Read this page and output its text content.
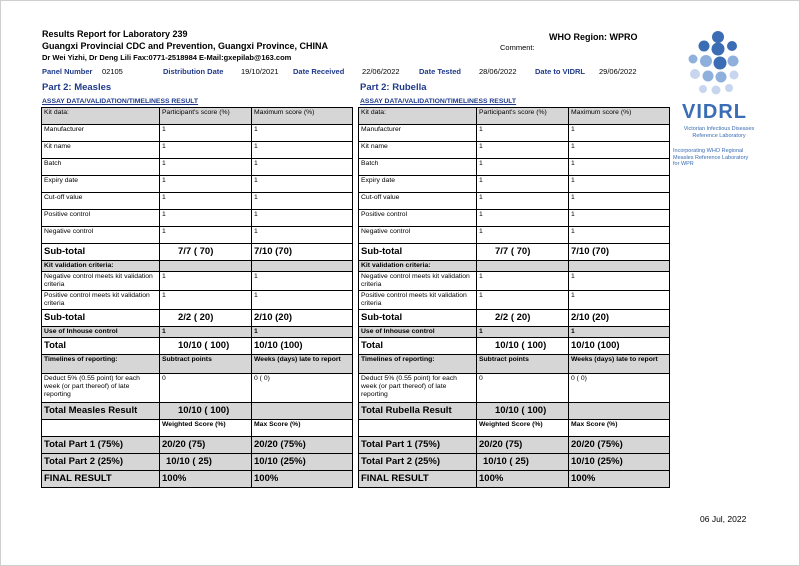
Results Report for Laboratory 239
Guangxi Provincial CDC and Prevention, Guangxi Province, CHINA
Dr Wei Yizhi, Dr Deng Lili Fax:0771-2518984 E-Mail:gxepilab@163.com
WHO Region: WPRO
Comment:
Panel Number 02105	Distribution Date 19/10/2021 Date Received 22/06/2022	Date Tested 28/06/2022 Date to VIDRL 29/06/2022
Part 2: Measles
ASSAY DATA/VALIDATION/TIMELINESS RESULT
Kit data:	Participant's score (%)	Maximum score (%)
Manufacturer	1	1
Kit name	1	1
Batch	1	1
Expiry date	1	1
Cut-off value	1	1
Positive control	1	1
Negative control	1	1
Sub-total	7/7 ( 70)	7/10 (70)
Kit validation criteria:		
Negative control meets kit validation criteria	1	1
Positive control meets kit validation criteria	1	1
Sub-total	2/2 ( 20)	2/10 (20)
Use of Inhouse control	1	1
Total	10/10 ( 100)	10/10 (100)
Timelines of reporting:	Subtract points	Weeks (days) late to report
Deduct 5% (0.55 point) for each week (or part thereof) of late reporting	0	0 ( 0)
Total Measles Result	10/10 ( 100)	
	Weighted Score (%)	Max Score (%)
Total Part 1 (75%)	20/20 (75)	20/20 (75%)
Total Part 2 (25%)	10/10 ( 25)	10/10 (25%)
FINAL RESULT	100%	100%
Part 2: Rubella
ASSAY DATA/VALIDATION/TIMELINESS RESULT
Kit data:	Participant's score (%)	Maximum score (%)
Manufacturer	1	1
Kit name	1	1
Batch	1	1
Expiry date	1	1
Cut-off value	1	1
Positive control	1	1
Negative control	1	1
Sub-total	7/7 ( 70)	7/10 (70)
Kit validation criteria:		
Negative control meets kit validation criteria	1	1
Positive control meets kit validation criteria	1	1
Sub-total	2/2 ( 20)	2/10 (20)
Use of Inhouse control	1	1
Total	10/10 ( 100)	10/10 (100)
Timelines of reporting:	Subtract points	Weeks (days) late to report
Deduct 5% (0.55 point) for each week (or part thereof) of late reporting	0	0 ( 0)
Total Rubella Result	10/10 ( 100)	
	Weighted Score (%)	Max Score (%)
Total Part 1 (75%)	20/20 (75)	20/20 (75%)
Total Part 2 (25%)	10/10 ( 25)	10/10 (25%)
FINAL RESULT	100%	100%
VIDRL
Victorian Infectious Diseases Reference Laboratory
Incorporating WHO Regional Measles Reference Laboratory for WPR
06 Jul, 2022
